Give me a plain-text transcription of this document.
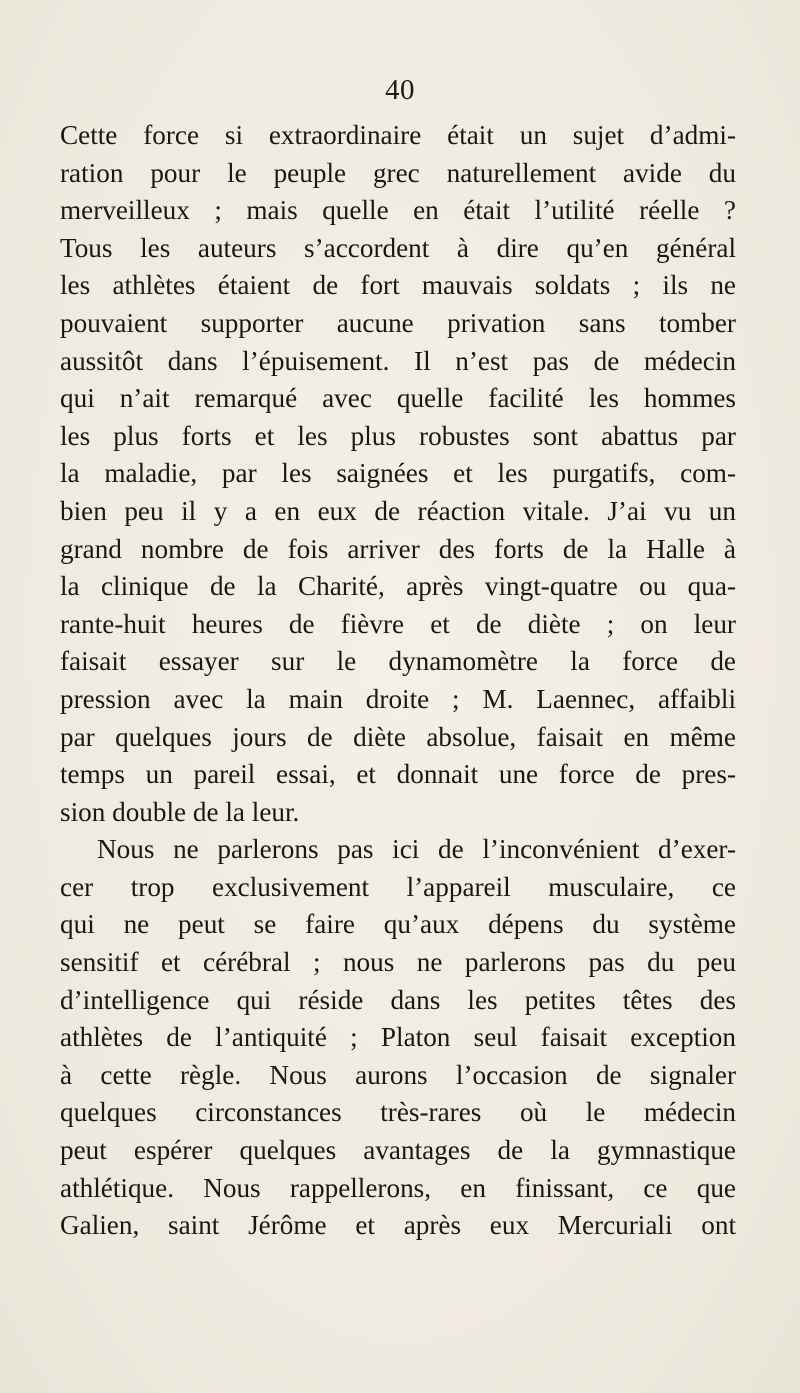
40
Cette force si extraordinaire était un sujet d’admi-
ration pour le peuple grec naturellement avide du
merveilleux ; mais quelle en était l’utilité réelle ?
Tous les auteurs s’accordent à dire qu’en général
les athlètes étaient de fort mauvais soldats ; ils ne
pouvaient supporter aucune privation sans tomber
aussitôt dans l’épuisement. Il n’est pas de médecin
qui n’ait remarqué avec quelle facilité les hommes
les plus forts et les plus robustes sont abattus par
la maladie, par les saignées et les purgatifs, com-
bien peu il y a en eux de réaction vitale. J’ai vu un
grand nombre de fois arriver des forts de la Halle à
la clinique de la Charité, après vingt-quatre ou qua-
rante-huit heures de fièvre et de diète ; on leur
faisait essayer sur le dynamomètre la force de
pression avec la main droite ; M. Laennec, affaibli
par quelques jours de diète absolue, faisait en même
temps un pareil essai, et donnait une force de pres-
sion double de la leur.
Nous ne parlerons pas ici de l’inconvénient d’exer-
cer trop exclusivement l’appareil musculaire, ce
qui ne peut se faire qu’aux dépens du système
sensitif et cérébral ; nous ne parlerons pas du peu
d’intelligence qui réside dans les petites têtes des
athlètes de l’antiquité ; Platon seul faisait exception
à cette règle. Nous aurons l’occasion de signaler
quelques circonstances très-rares où le médecin
peut espérer quelques avantages de la gymnastique
athlétique. Nous rappellerons, en finissant, ce que
Galien, saint Jérôme et après eux Mercuriali ont
